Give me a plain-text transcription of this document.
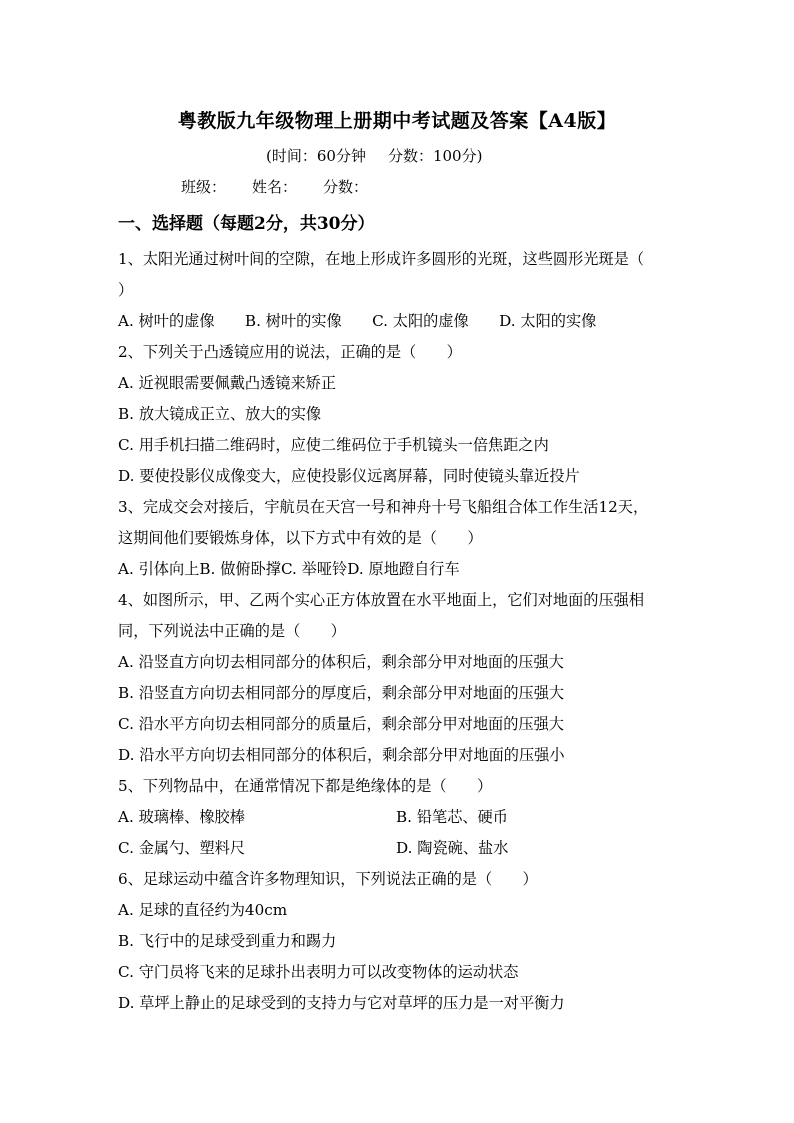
粤教版九年级物理上册期中考试题及答案【A4版】
(时间：60分钟 分数：100分)
班级： 姓名： 分数：
一、选择题（每题2分，共30分）
1、太阳光通过树叶间的空隙，在地上形成许多圆形的光斑，这些圆形光斑是（
）
A. 树叶的虚像　　B. 树叶的实像　　C. 太阳的虚像　　D. 太阳的实像
2、下列关于凸透镜应用的说法，正确的是（　　）
A. 近视眼需要佩戴凸透镜来矫正
B. 放大镜成正立、放大的实像
C. 用手机扫描二维码时，应使二维码位于手机镜头一倍焦距之内
D. 要使投影仪成像变大，应使投影仪远离屏幕，同时使镜头靠近投片
3、完成交会对接后，宇航员在天宫一号和神舟十号飞船组合体工作生活12天，
这期间他们要锻炼身体，以下方式中有效的是（　　）
A. 引体向上B. 做俯卧撑C. 举哑铃D. 原地蹬自行车
4、如图所示，甲、乙两个实心正方体放置在水平地面上，它们对地面的压强相
同，下列说法中正确的是（　　）
A. 沿竖直方向切去相同部分的体积后，剩余部分甲对地面的压强大
B. 沿竖直方向切去相同部分的厚度后，剩余部分甲对地面的压强大
C. 沿水平方向切去相同部分的质量后，剩余部分甲对地面的压强大
D. 沿水平方向切去相同部分的体积后，剩余部分甲对地面的压强小
5、下列物品中，在通常情况下都是绝缘体的是（　　）
A. 玻璃棒、橡胶棒	B. 铅笔芯、硬币
C. 金属勺、塑料尺	D. 陶瓷碗、盐水
6、足球运动中蕴含许多物理知识，下列说法正确的是（　　）
A. 足球的直径约为40cm
B. 飞行中的足球受到重力和踢力
C. 守门员将飞来的足球扑出表明力可以改变物体的运动状态
D. 草坪上静止的足球受到的支持力与它对草坪的压力是一对平衡力
